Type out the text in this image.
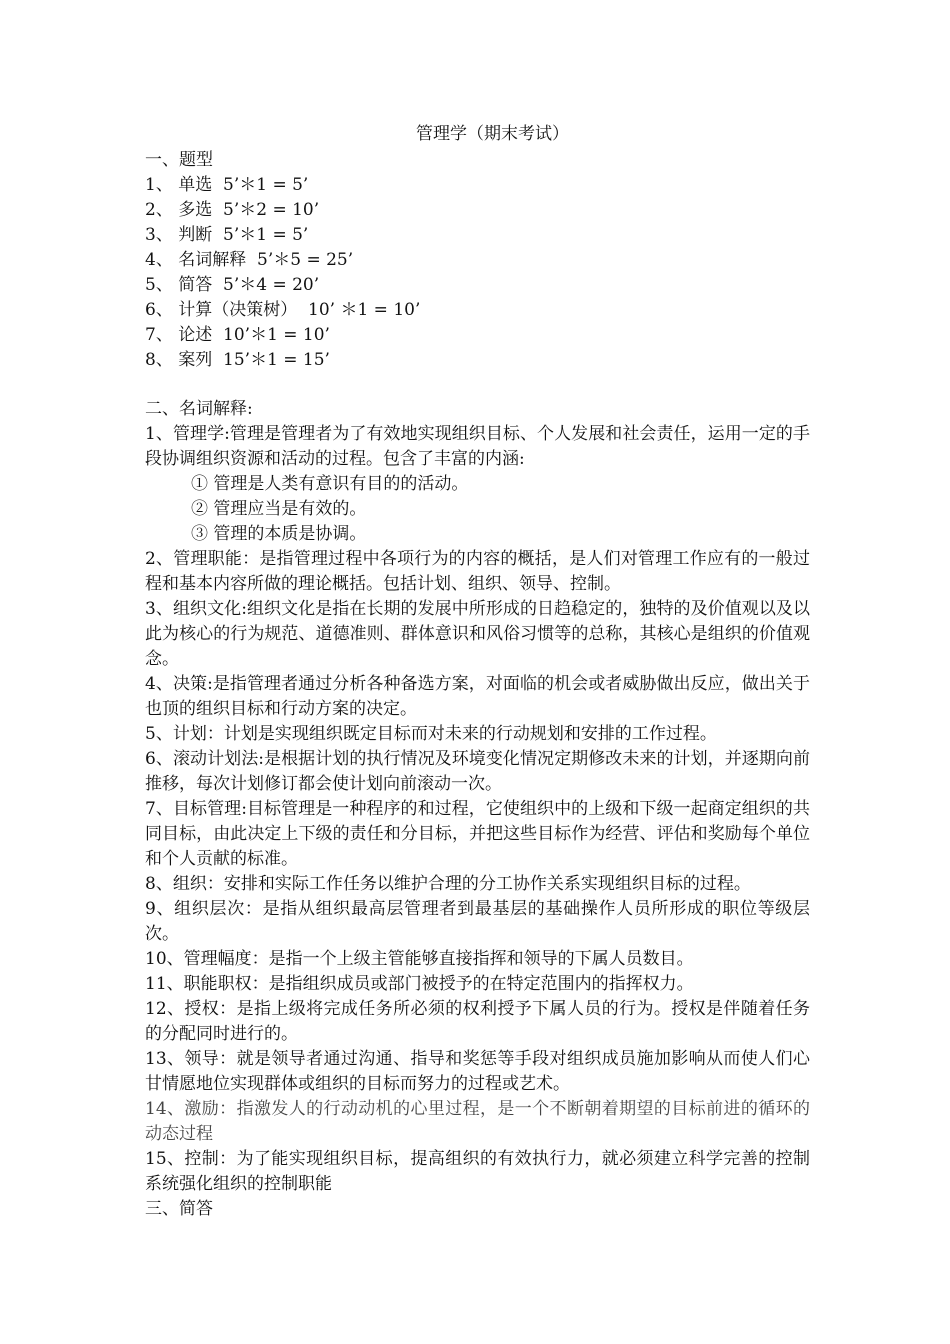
管理学（期末考试）

一、题型

1、 单选  5’＊1 = 5’

2、 多选  5’＊2 = 10’

3、 判断  5’＊1 = 5’

4、 名词解释  5’＊5 = 25’

5、 简答  5’＊4 = 20’

6、 计算（决策树）  10’ ＊1 = 10’

7、 论述  10’＊1 = 10’

8、 案列  15’＊1 = 15’

二、名词解释:

1、管理学:管理是管理者为了有效地实现组织目标、个人发展和社会责任，运用一定的手段协调组织资源和活动的过程。包含了丰富的内涵:

① 管理是人类有意识有目的的活动。

② 管理应当是有效的。

③ 管理的本质是协调。

2、管理职能：是指管理过程中各项行为的内容的概括，是人们对管理工作应有的一般过程和基本内容所做的理论概括。包括计划、组织、领导、控制。

3、组织文化:组织文化是指在长期的发展中所形成的日趋稳定的，独特的及价值观以及以此为核心的行为规范、道德准则、群体意识和风俗习惯等的总称，其核心是组织的价值观念。

4、决策:是指管理者通过分析各种备选方案，对面临的机会或者威胁做出反应，做出关于也顶的组织目标和行动方案的决定。

5、计划：计划是实现组织既定目标而对未来的行动规划和安排的工作过程。

6、滚动计划法:是根据计划的执行情况及环境变化情况定期修改未来的计划，并逐期向前推移，每次计划修订都会使计划向前滚动一次。

7、目标管理:目标管理是一种程序的和过程，它使组织中的上级和下级一起商定组织的共同目标，由此决定上下级的责任和分目标，并把这些目标作为经营、评估和奖励每个单位和个人贡献的标准。

8、组织：安排和实际工作任务以维护合理的分工协作关系实现组织目标的过程。

9、组织层次：是指从组织最高层管理者到最基层的基础操作人员所形成的职位等级层次。

10、管理幅度：是指一个上级主管能够直接指挥和领导的下属人员数目。

11、职能职权：是指组织成员或部门被授予的在特定范围内的指挥权力。

12、授权：是指上级将完成任务所必须的权利授予下属人员的行为。授权是伴随着任务的分配同时进行的。

13、领导：就是领导者通过沟通、指导和奖惩等手段对组织成员施加影响从而使人们心甘情愿地位实现群体或组织的目标而努力的过程或艺术。

14、激励：指激发人的行动动机的心里过程，是一个不断朝着期望的目标前进的循环的动态过程

15、控制：为了能实现组织目标，提高组织的有效执行力，就必须建立科学完善的控制系统强化组织的控制职能

三、简答
